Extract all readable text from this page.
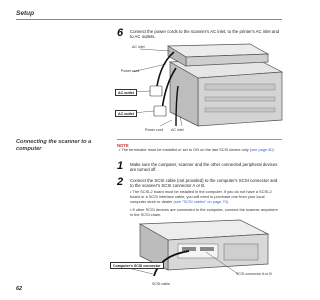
Setup
6 Connect the power cords to the scanner's AC inlet, to the printer's AC inlet and to AC outlets.
AC inlet
Power cord
AC outlet
AC outlet
Power cord AC inlet
Connecting the scanner to a computer
NOTE
• The terminator must be installed or set to ON on the last SCSI device only (see page 80).
1 Make sure the computer, scanner and the other connected peripheral devices are turned off.
2 Connect the SCSI cable (not provided) to the computer's SCSI connector and to the scanner's SCSI connector A or B.
• The SCSI-2 board must be installed in the computer. If you do not have a SCSI-2 board or a SCSI interface cable, you will need to purchase one from your local computer store or dealer (see "SCSI cables" on page 70).
• If other SCSI devices are connected to the computer, connect the scanner anywhere in the SCSI chain.
Computer's SCSI connector
SCSI connector A or B
SCSI cable
62
